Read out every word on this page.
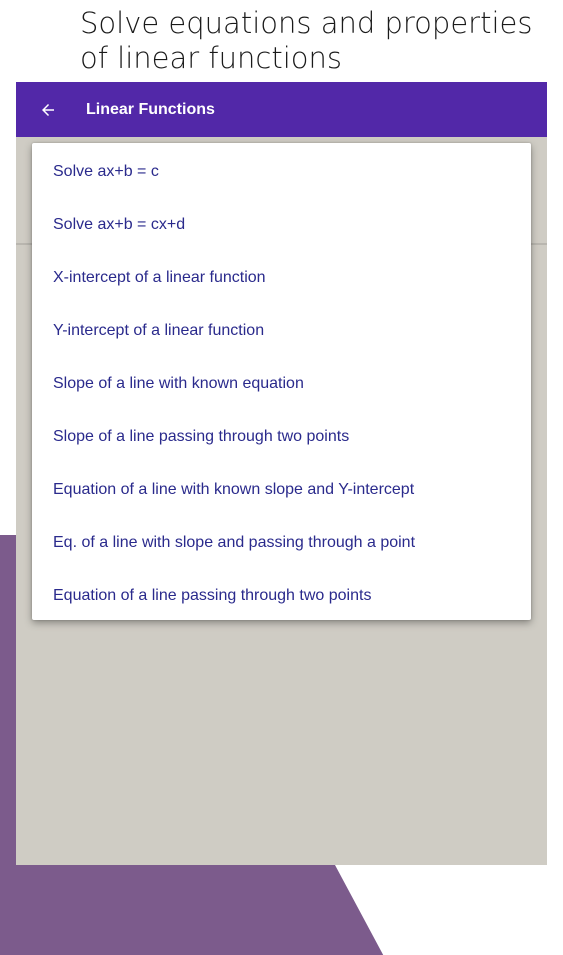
Solve equations and properties of linear functions
Linear Functions
Solve ax+b = c
Solve ax+b = cx+d
X-intercept of a linear function
Y-intercept of a linear function
Slope of a line with known equation
Slope of a line passing through two points
Equation of a line with known slope and Y-intercept
Eq. of a line with slope and passing through a point
Equation of a line passing through two points
